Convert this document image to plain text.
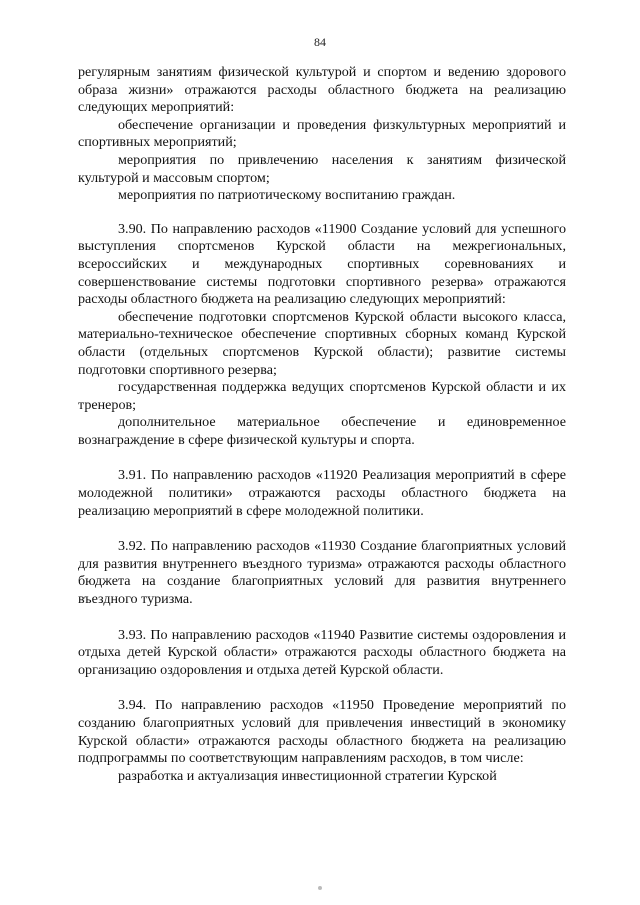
84

регулярным занятиям физической культурой и спортом и ведению здорового образа жизни» отражаются расходы областного бюджета на реализацию следующих мероприятий:

обеспечение организации и проведения физкультурных мероприятий и спортивных мероприятий;

мероприятия по привлечению населения к занятиям физической культурой и массовым спортом;

мероприятия по патриотическому воспитанию граждан.

3.90. По направлению расходов «11900 Создание условий для успешного выступления спортсменов Курской области на межрегиональных, всероссийских и международных спортивных соревнованиях и совершенствование системы подготовки спортивного резерва» отражаются расходы областного бюджета на реализацию следующих мероприятий:

обеспечение подготовки спортсменов Курской области высокого класса, материально-техническое обеспечение спортивных сборных команд Курской области (отдельных спортсменов Курской области); развитие системы подготовки спортивного резерва;

государственная поддержка ведущих спортсменов Курской области и их тренеров;

дополнительное материальное обеспечение и единовременное вознаграждение в сфере физической культуры и спорта.

3.91. По направлению расходов «11920 Реализация мероприятий в сфере молодежной политики» отражаются расходы областного бюджета на реализацию мероприятий в сфере молодежной политики.

3.92. По направлению расходов «11930 Создание благоприятных условий для развития внутреннего въездного туризма» отражаются расходы областного бюджета на создание благоприятных условий для развития внутреннего въездного туризма.

3.93. По направлению расходов «11940 Развитие системы оздоровления и отдыха детей Курской области» отражаются расходы областного бюджета на организацию оздоровления и отдыха детей Курской области.

3.94. По направлению расходов «11950 Проведение мероприятий по созданию благоприятных условий для привлечения инвестиций в экономику Курской области» отражаются расходы областного бюджета на реализацию подпрограммы по соответствующим направлениям расходов, в том числе:

разработка и актуализация инвестиционной стратегии Курской
